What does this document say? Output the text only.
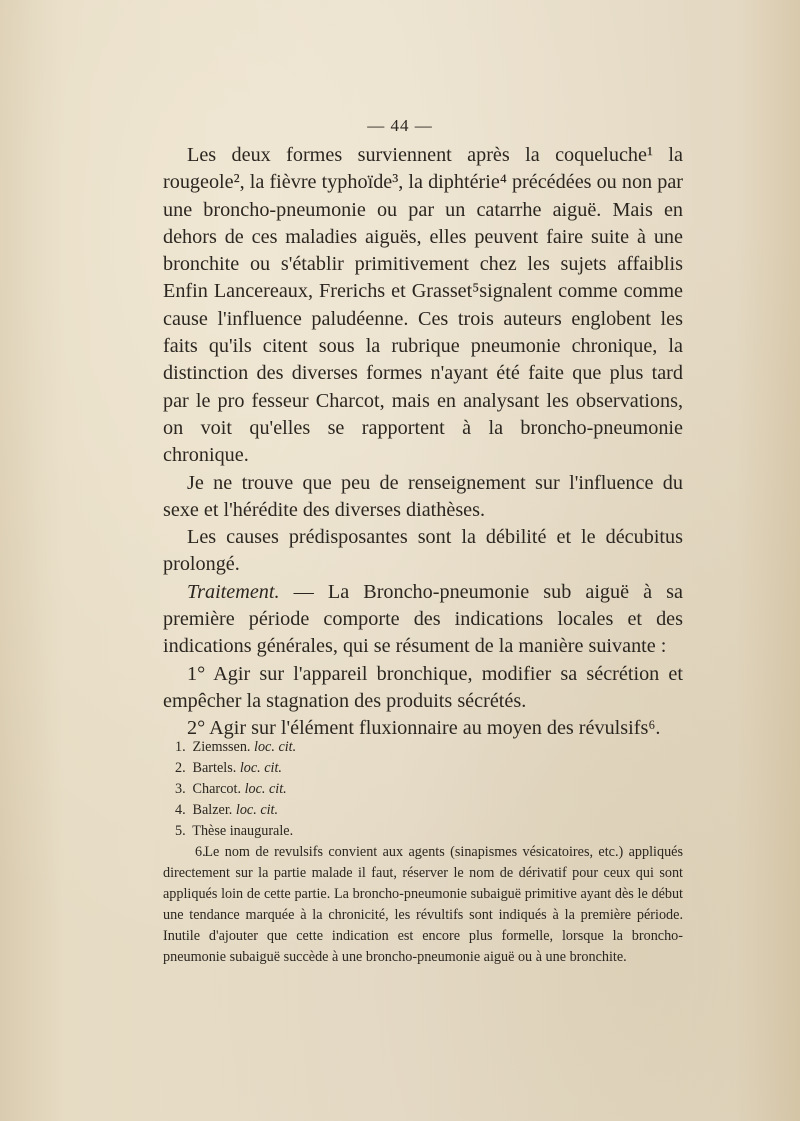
— 44 —

Les deux formes surviennent après la coqueluche¹ la rougeole², la fièvre typhoïde³, la diphtérie⁴ précédées ou non par une broncho-pneumonie ou par un catarrhe aiguë. Mais en dehors de ces maladies aiguës, elles peuvent faire suite à une bronchite ou s'établir primitivement chez les sujets affaiblis Enfin Lancereaux, Frerichs et Grasset⁵signalent comme comme cause l'influence paludéenne. Ces trois auteurs englobent les faits qu'ils citent sous la rubrique pneumonie chronique, la distinction des diverses formes n'ayant été faite que plus tard par le pro fesseur Charcot, mais en analysant les observations, on voit qu'elles se rapportent à la broncho-pneumonie chronique.

Je ne trouve que peu de renseignement sur l'influence du sexe et l'hérédite des diverses diathèses.

Les causes prédisposantes sont la débilité et le décubitus prolongé.

Traitement. — La Broncho-pneumonie sub aiguë à sa première période comporte des indications locales et des indications générales, qui se résument de la manière suivante :

1° Agir sur l'appareil bronchique, modifier sa sécrétion et empêcher la stagnation des produits sécrétés.

2° Agir sur l'élément fluxionnaire au moyen des révulsifs⁶.

1. Ziemssen. loc. cit.

2. Bartels. loc. cit.

3. Charcot. loc. cit.

4. Balzer. loc. cit.

5. Thèse inaugurale.

6. Le nom de revulsifs convient aux agents (sinapismes vésicatoires, etc.) appliqués directement sur la partie malade il faut, réserver le nom de dérivatif pour ceux qui sont appliqués loin de cette partie. La broncho-pneumonie subaiguë primitive ayant dès le début une tendance marquée à la chronicité, les révultifs sont indiqués à la première période. Inutile d'ajouter que cette indication est encore plus formelle, lorsque la broncho-pneumonie subaiguë succède à une broncho-pneumonie aiguë ou à une bronchite.
